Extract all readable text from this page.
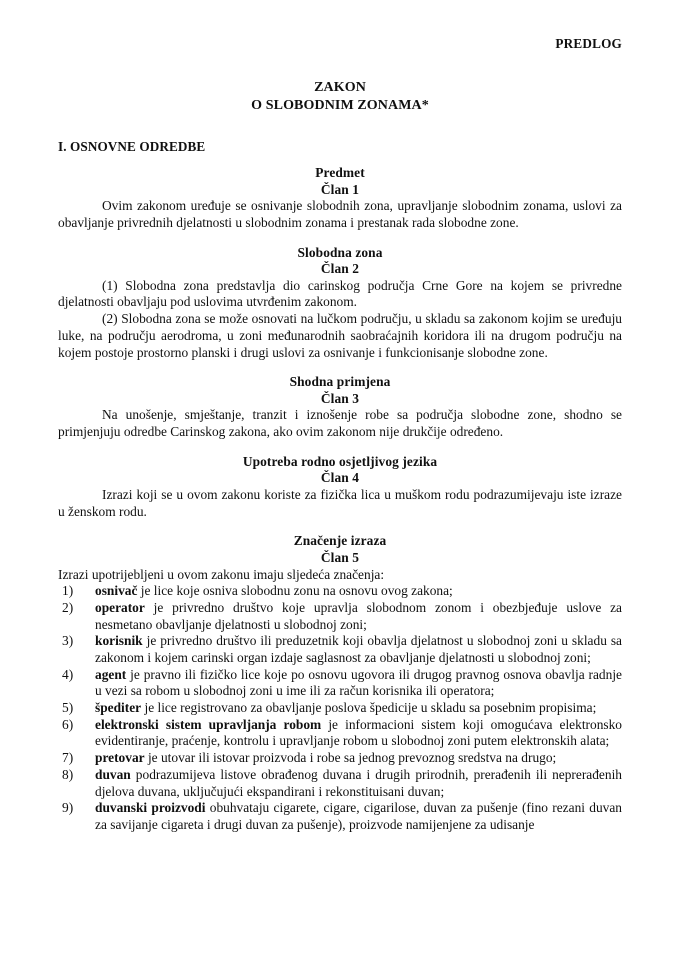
PREDLOG
ZAKON
O SLOBODNIM ZONAMA*
I. OSNOVNE ODREDBE
Predmet
Član 1

Ovim zakonom uređuje se osnivanje slobodnih zona, upravljanje slobodnim zonama, uslovi za obavljanje privrednih djelatnosti u slobodnim zonama i prestanak rada slobodne zone.

Slobodna zona
Član 2

(1) Slobodna zona predstavlja dio carinskog područja Crne Gore na kojem se privredne djelatnosti obavljaju pod uslovima utvrđenim zakonom.

(2) Slobodna zona se može osnovati na lučkom području, u skladu sa zakonom kojim se uređuju luke, na području aerodroma, u zoni međunarodnih saobraćajnih koridora ili na drugom području na kojem postoje prostorno planski i drugi uslovi za osnivanje i funkcionisanje slobodne zone.

Shodna primjena
Član 3

Na unošenje, smještanje, tranzit i iznošenje robe sa područja slobodne zone, shodno se primjenjuju odredbe Carinskog zakona, ako ovim zakonom nije drukčije određeno.

Upotreba rodno osjetljivog jezika
Član 4

Izrazi koji se u ovom zakonu koriste za fizička lica u muškom rodu podrazumijevaju iste izraze u ženskom rodu.

Značenje izraza
Član 5

Izrazi upotrijebljeni u ovom zakonu imaju sljedeća značenja:

1)	osnivač je lice koje osniva slobodnu zonu na osnovu ovog zakona;
2)	operator je privredno društvo koje upravlja slobodnom zonom i obezbjeđuje uslove za nesmetano obavljanje djelatnosti u slobodnoj zoni;
3)	korisnik je privredno društvo ili preduzetnik koji obavlja djelatnost u slobodnoj zoni u skladu sa zakonom i kojem carinski organ izdaje saglasnost za obavljanje djelatnosti u slobodnoj zoni;
4)	agent je pravno ili fizičko lice koje po osnovu ugovora ili drugog pravnog osnova obavlja radnje u vezi sa robom u slobodnoj zoni u ime ili za račun korisnika ili operatora;
5)	špediter je lice registrovano za obavljanje poslova špedicije u skladu sa posebnim propisima;
6)	elektronski sistem upravljanja robom je informacioni sistem koji omogućava elektronsko evidentiranje, praćenje, kontrolu i upravljanje robom u slobodnoj zoni putem elektronskih alata;
7)	pretovar je utovar ili istovar proizvoda i robe sa jednog prevoznog sredstva na drugo;
8)	duvan podrazumijeva listove obrađenog duvana i drugih prirodnih, prerađenih ili neprerađenih djelova duvana, uključujući ekspandirani i rekonstituisani duvan;
9)	duvanski proizvodi obuhvataju cigarete, cigare, cigarilose, duvan za pušenje (fino rezani duvan za savijanje cigareta i drugi duvan za pušenje), proizvode namijenjene za udisanje
